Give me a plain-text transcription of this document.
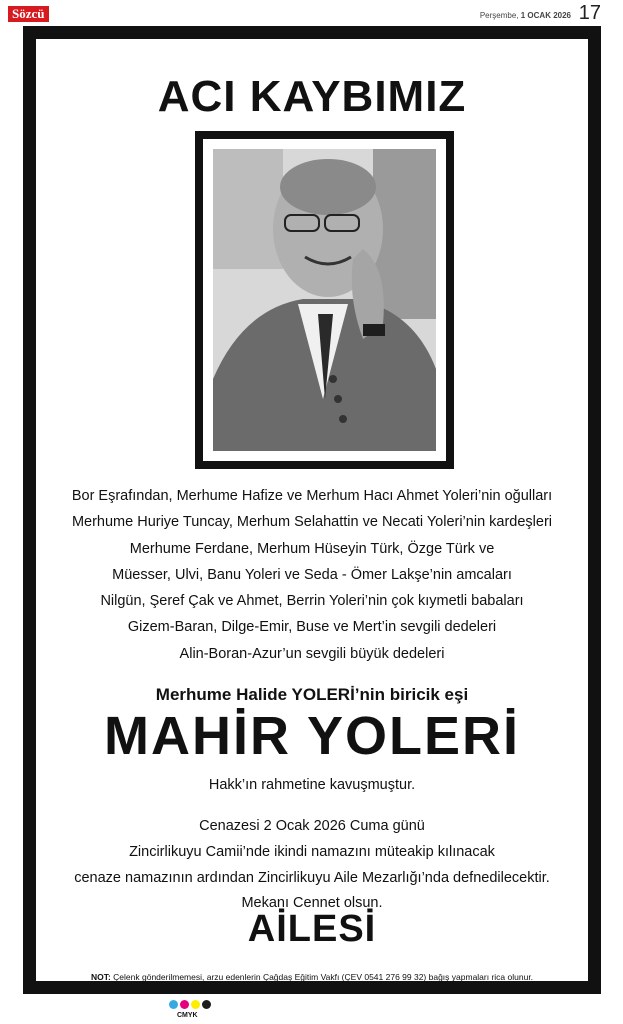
Sözcü	Perşembe, 1 OCAK 2026 17
ACI KAYBIMIZ
Bor Eşrafından, Merhume Hafize ve Merhum Hacı Ahmet Yoleri’nin oğulları
Merhume Huriye Tuncay, Merhum Selahattin ve Necati Yoleri’nin kardeşleri
Merhume Ferdane, Merhum Hüseyin Türk, Özge Türk ve
Müesser, Ulvi, Banu Yoleri ve Seda - Ömer Lakşe’nin amcaları
Nilgün, Şeref Çak ve Ahmet, Berrin Yoleri’nin çok kıymetli babaları
Gizem-Baran, Dilge-Emir, Buse ve Mert’in sevgili dedeleri
Alin-Boran-Azur’un sevgili büyük dedeleri
Merhume Halide YOLERİ’nin biricik eşi
MAHİR YOLERİ
Hakk’ın rahmetine kavuşmuştur.
Cenazesi 2 Ocak 2026 Cuma günü
Zincirlikuyu Camii’nde ikindi namazını müteakip kılınacak
cenaze namazının ardından Zincirlikuyu Aile Mezarlığı’nda defnedilecektir.
Mekanı Cennet olsun.
AİLESİ
NOT: Çelenk gönderilmemesi, arzu edenlerin Çağdaş Eğitim Vakfı (ÇEV 0541 276 99 32) bağış yapmaları rica olunur.
CMYK
